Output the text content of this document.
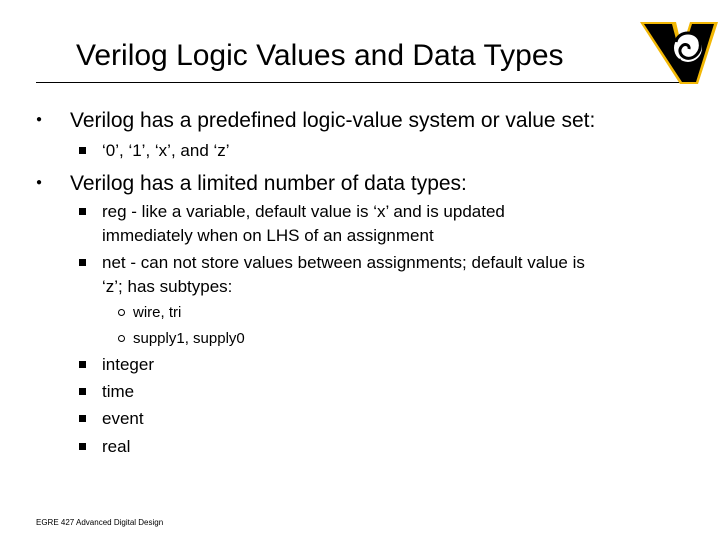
Verilog Logic Values and Data Types
● Verilog has a predefined logic-value system or value set:
‘0’, ‘1’, ‘x’, and ‘z’
● Verilog has a limited number of data types:
reg - like a variable, default value is ‘x’ and is updated
immediately when on LHS of an assignment
net - can not store values between assignments; default value is
‘z’; has subtypes:
wire, tri
supply1, supply0
integer
time
event
real
EGRE 427 Advanced Digital Design
